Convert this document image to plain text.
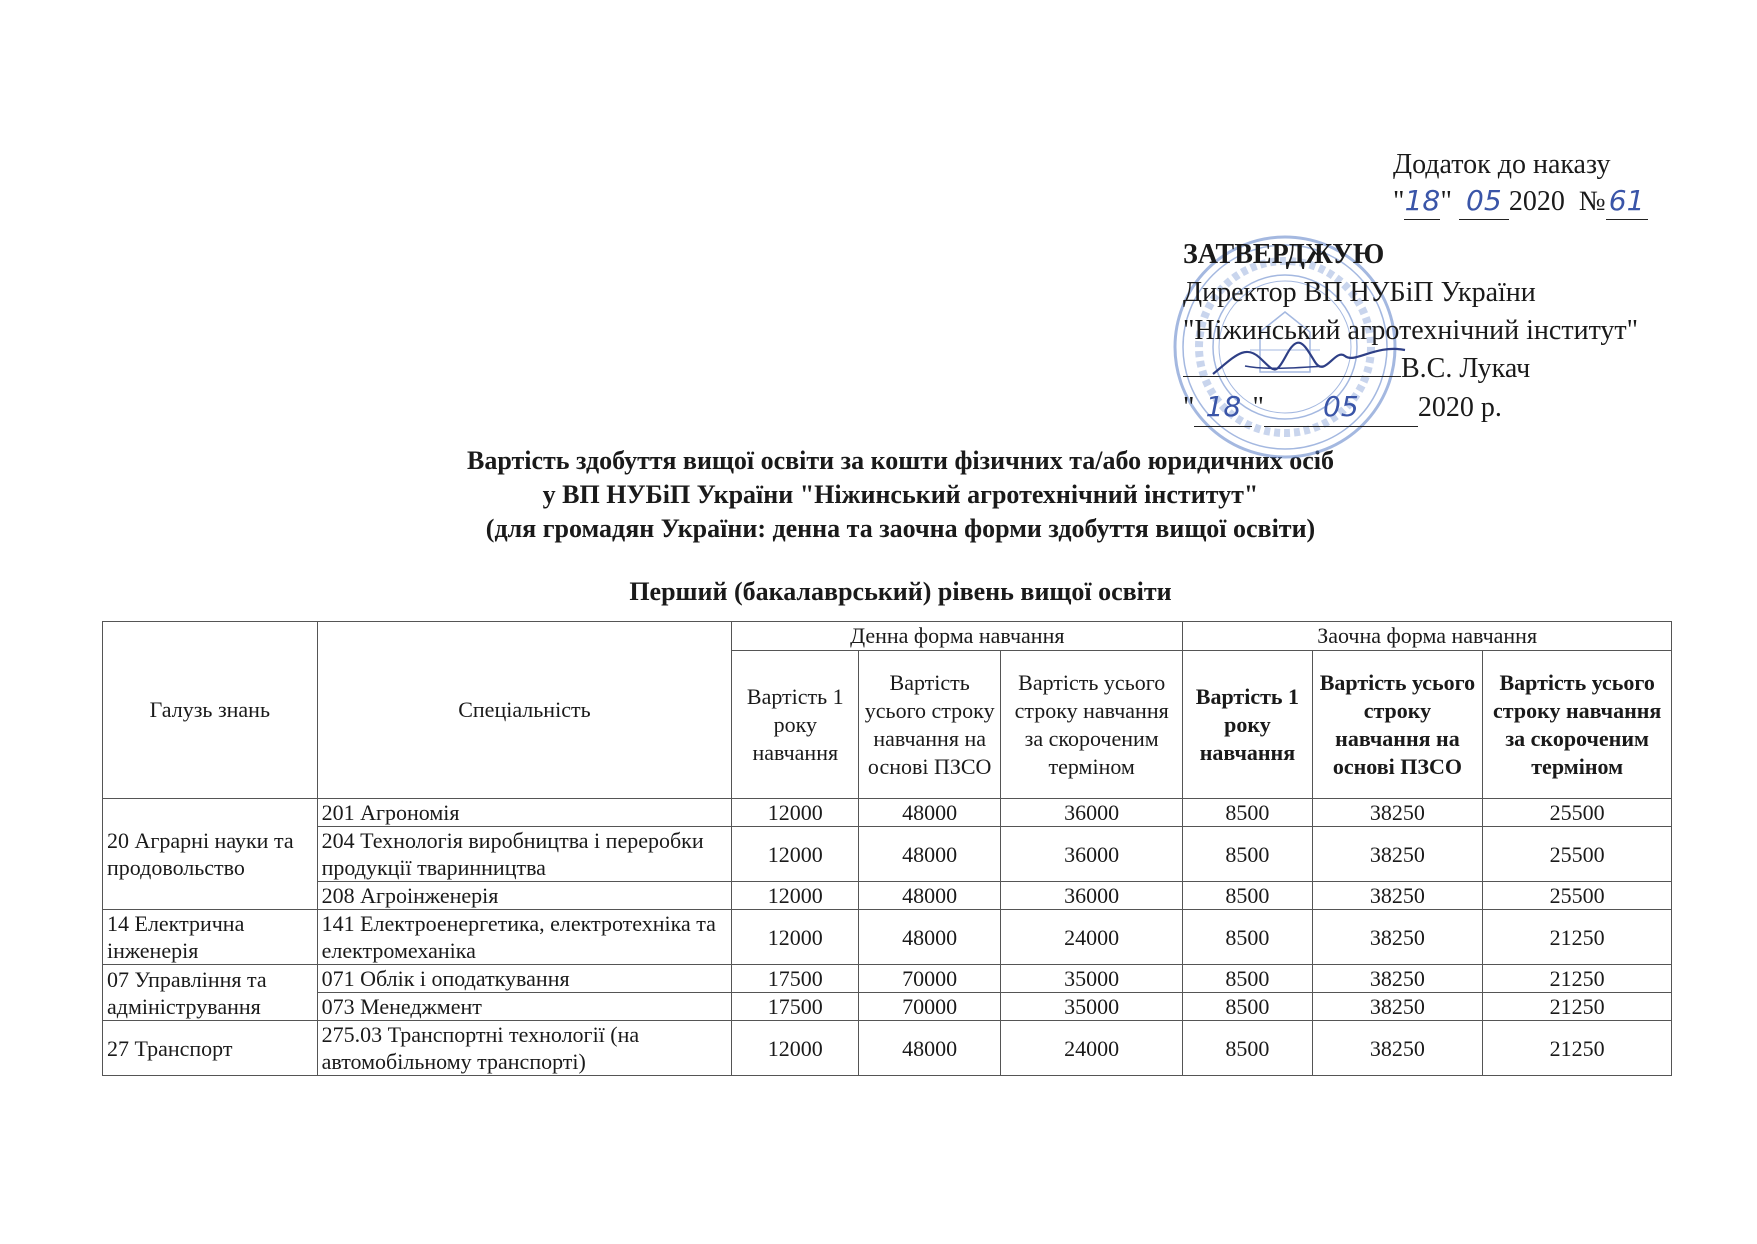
Додаток до наказу
"18" 05 2020 № 61
ЗАТВЕРДЖУЮ
Директор ВП НУБіП України
"Ніжинський агротехнічний інститут"
В.С. Лукач
" 18 " 05 2020 р.
Вартість здобуття вищої освіти за кошти фізичних та/або юридичних осіб
у ВП НУБіП України "Ніжинський агротехнічний інститут"
(для громадян України: денна та заочна форми здобуття вищої освіти)
Перший (бакалаврський) рівень вищої освіти
Галузь знань	Спеціальність	Денна форма навчання			Заочна форма навчання		
		Вартість 1 року навчання	Вартість усього строку навчання на основі ПЗСО	Вартість усього строку навчання за скороченим терміном	Вартість 1 року навчання	Вартість усього строку навчання на основі ПЗСО	Вартість усього строку навчання за скороченим терміном
20 Аграрні науки та продовольство	201 Агрономія	12000	48000	36000	8500	38250	25500
	204 Технологія виробництва і переробки продукції тваринництва	12000	48000	36000	8500	38250	25500
	208 Агроінженерія	12000	48000	36000	8500	38250	25500
14 Електрична інженерія	141 Електроенергетика, електротехніка та електромеханіка	12000	48000	24000	8500	38250	21250
07 Управління та адміністрування	071 Облік і оподаткування	17500	70000	35000	8500	38250	21250
	073 Менеджмент	17500	70000	35000	8500	38250	21250
27 Транспорт	275.03 Транспортні технології (на автомобільному транспорті)	12000	48000	24000	8500	38250	21250
